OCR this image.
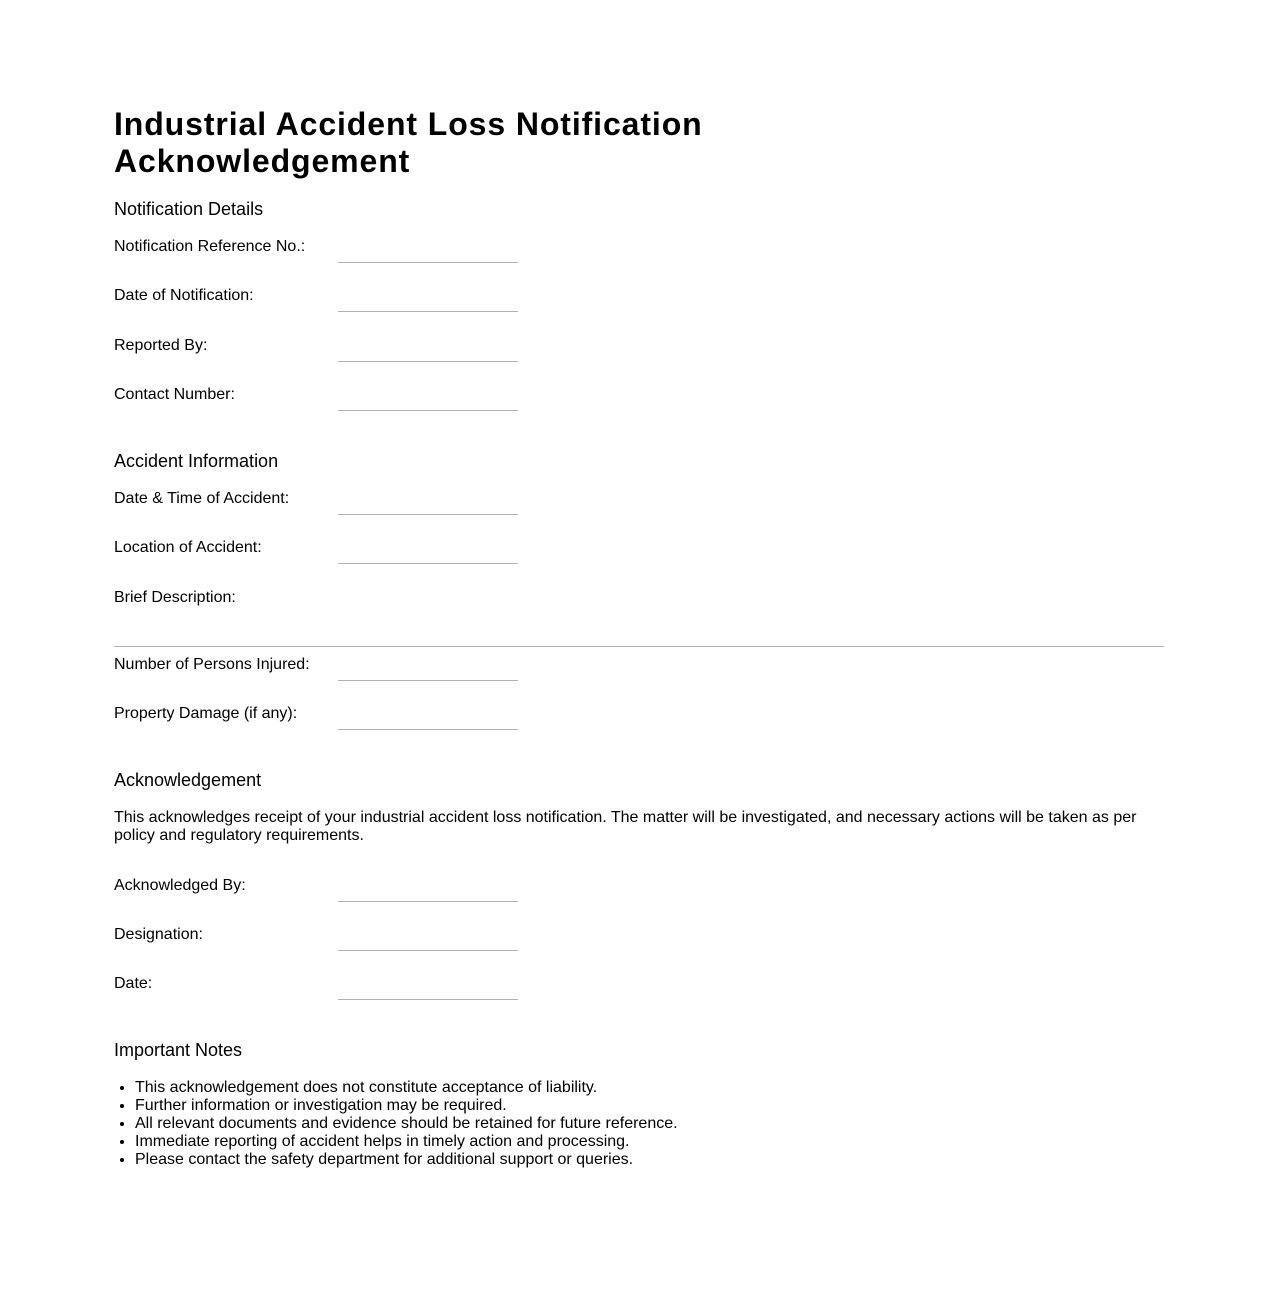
Industrial Accident Loss Notification Acknowledgement
Notification Details
Notification Reference No.:
Date of Notification:
Reported By:
Contact Number:
Accident Information
Date & Time of Accident:
Location of Accident:
Brief Description:
Number of Persons Injured:
Property Damage (if any):
Acknowledgement

This acknowledges receipt of your industrial accident loss notification. The matter will be investigated, and necessary actions will be taken as per policy and regulatory requirements.

Acknowledged By:
Designation:
Date:
Important Notes
• This acknowledgement does not constitute acceptance of liability.
• Further information or investigation may be required.
• All relevant documents and evidence should be retained for future reference.
• Immediate reporting of accident helps in timely action and processing.
• Please contact the safety department for additional support or queries.
